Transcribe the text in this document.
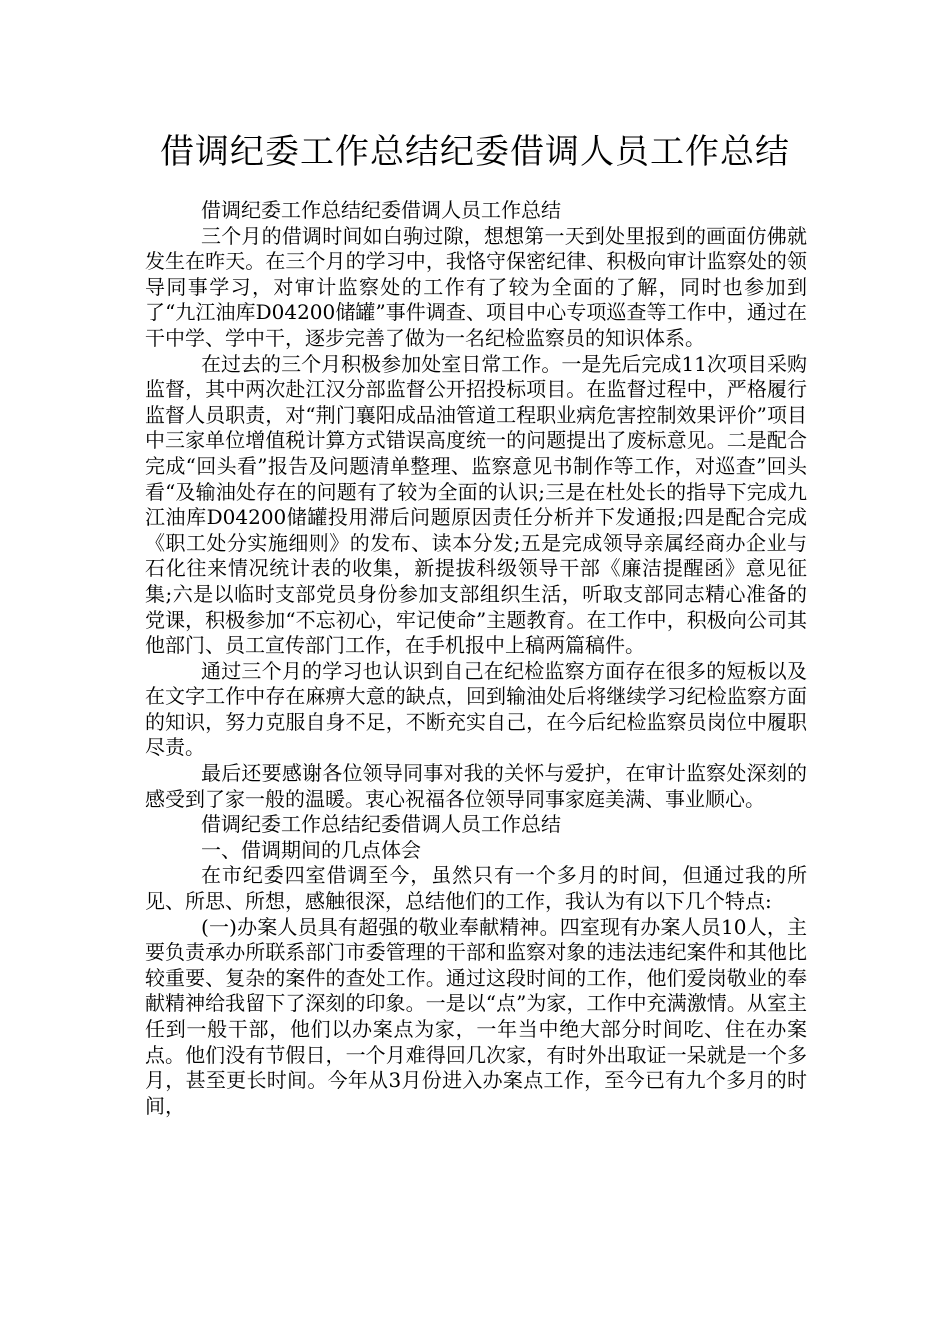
借调纪委工作总结纪委借调人员工作总结

借调纪委工作总结纪委借调人员工作总结

三个月的借调时间如白驹过隙，想想第一天到处里报到的画面仿佛就发生在昨天。在三个月的学习中，我恪守保密纪律、积极向审计监察处的领导同事学习，对审计监察处的工作有了较为全面的了解，同时也参加到了“九江油库D04200储罐”事件调查、项目中心专项巡查等工作中，通过在干中学、学中干，逐步完善了做为一名纪检监察员的知识体系。

在过去的三个月积极参加处室日常工作。一是先后完成11次项目采购监督，其中两次赴江汉分部监督公开招投标项目。在监督过程中，严格履行监督人员职责，对“荆门襄阳成品油管道工程职业病危害控制效果评价”项目中三家单位增值税计算方式错误高度统一的问题提出了废标意见。二是配合完成“回头看”报告及问题清单整理、监察意见书制作等工作，对巡查”回头看“及输油处存在的问题有了较为全面的认识;三是在杜处长的指导下完成九江油库D04200储罐投用滞后问题原因责任分析并下发通报;四是配合完成《职工处分实施细则》的发布、读本分发;五是完成领导亲属经商办企业与石化往来情况统计表的收集，新提拔科级领导干部《廉洁提醒函》意见征集;六是以临时支部党员身份参加支部组织生活，听取支部同志精心准备的党课，积极参加“不忘初心，牢记使命”主题教育。在工作中，积极向公司其他部门、员工宣传部门工作，在手机报中上稿两篇稿件。

通过三个月的学习也认识到自己在纪检监察方面存在很多的短板以及在文字工作中存在麻痹大意的缺点，回到输油处后将继续学习纪检监察方面的知识，努力克服自身不足，不断充实自己，在今后纪检监察员岗位中履职尽责。

最后还要感谢各位领导同事对我的关怀与爱护，在审计监察处深刻的感受到了家一般的温暖。衷心祝福各位领导同事家庭美满、事业顺心。

借调纪委工作总结纪委借调人员工作总结

一、借调期间的几点体会

在市纪委四室借调至今，虽然只有一个多月的时间，但通过我的所见、所思、所想，感触很深，总结他们的工作，我认为有以下几个特点:

(一)办案人员具有超强的敬业奉献精神。四室现有办案人员10人，主要负责承办所联系部门市委管理的干部和监察对象的违法违纪案件和其他比较重要、复杂的案件的查处工作。通过这段时间的工作，他们爱岗敬业的奉献精神给我留下了深刻的印象。一是以“点”为家，工作中充满激情。从室主任到一般干部，他们以办案点为家，一年当中绝大部分时间吃、住在办案点。他们没有节假日，一个月难得回几次家，有时外出取证一呆就是一个多月，甚至更长时间。今年从3月份进入办案点工作，至今已有九个多月的时间，
